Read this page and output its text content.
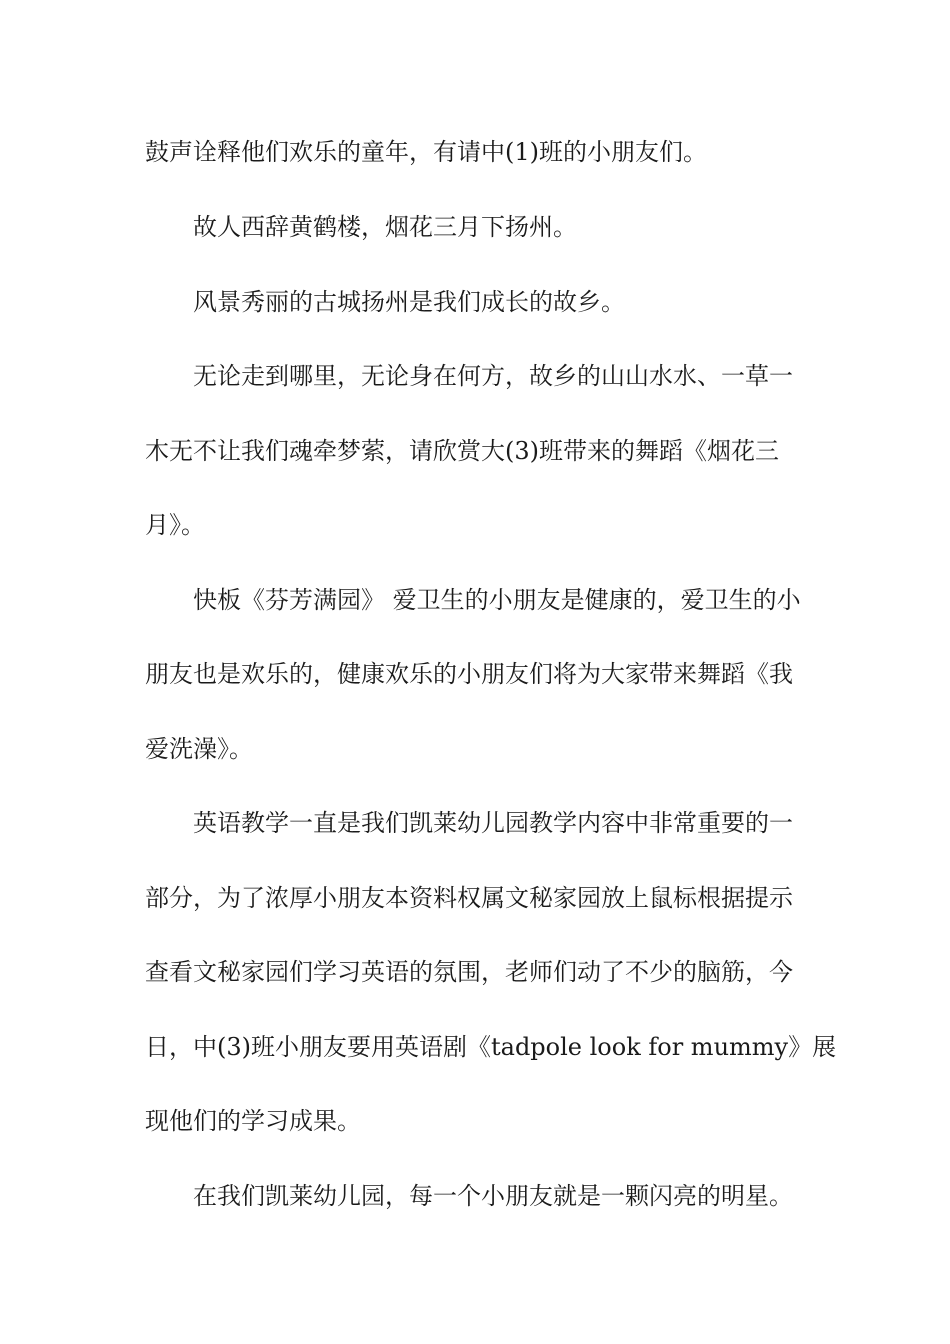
鼓声诠释他们欢乐的童年，有请中(1)班的小朋友们。

故人西辞黄鹤楼，烟花三月下扬州。

风景秀丽的古城扬州是我们成长的故乡。

无论走到哪里，无论身在何方，故乡的山山水水、一草一

木无不让我们魂牵梦萦，请欣赏大(3)班带来的舞蹈《烟花三

月》。

快板《芬芳满园》 爱卫生的小朋友是健康的，爱卫生的小

朋友也是欢乐的，健康欢乐的小朋友们将为大家带来舞蹈《我

爱洗澡》。

英语教学一直是我们凯莱幼儿园教学内容中非常重要的一

部分，为了浓厚小朋友本资料权属文秘家园放上鼠标根据提示

查看文秘家园们学习英语的氛围，老师们动了不少的脑筋，今

日，中(3)班小朋友要用英语剧《tadpole look for mummy》展

现他们的学习成果。

在我们凯莱幼儿园，每一个小朋友就是一颗闪亮的明星。
